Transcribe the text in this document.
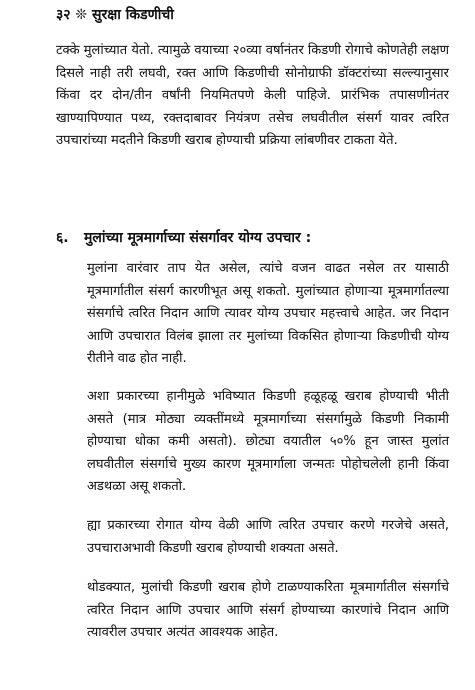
३२ ❊ सुरक्षा किडणीची

टक्के मुलांच्यात येतो. त्यामुळे वयाच्या २०व्या वर्षानंतर किडणी रोगाचे कोणतेही लक्षण दिसले नाही तरी लघवी, रक्त आणि किडणीची सोनोग्राफी डॉक्टरांच्या सल्ल्यानुसार किंवा दर दोन/तीन वर्षांनी नियमितपणे केली पाहिजे. प्रारंभिक तपासणीनंतर खाण्यापिण्यात पथ्य, रक्तदाबावर नियंत्रण तसेच लघवीतील संसर्ग यावर त्वरित उपचारांच्या मदतीने किडणी खराब होण्याची प्रक्रिया लांबणीवर टाकता येते.

६. मुलांच्या मूत्रमार्गाच्या संसर्गावर योग्य उपचार :

मुलांना वारंवार ताप येत असेल, त्यांचे वजन वाढत नसेल तर यासाठी मूत्रमार्गातील संसर्ग कारणीभूत असू शकतो. मुलांच्यात होणाऱ्या मूत्रमार्गातल्या संसर्गाचे त्वरित निदान आणि त्यावर योग्य उपचार महत्त्वाचे आहेत. जर निदान आणि उपचारात विलंब झाला तर मुलांच्या विकसित होणाऱ्या किडणीची योग्य रीतीने वाढ होत नाही.

अशा प्रकारच्या हानीमुळे भविष्यात किडणी हळूहळू खराब होण्याची भीती असते (मात्र मोठ्या व्यक्तींमध्ये मूत्रमार्गाच्या संसर्गामुळे किडणी निकामी होण्याचा धोका कमी असतो). छोट्या वयातील ५०% हून जास्त मुलांत लघवीतील संसर्गाचे मुख्य कारण मूत्रमार्गाला जन्मतः पोहोचलेली हानी किंवा अडथळा असू शकतो.

ह्या प्रकारच्या रोगात योग्य वेळी आणि त्वरित उपचार करणे गरजेचे असते, उपचाराअभावी किडणी खराब होण्याची शक्यता असते.

थोडक्यात, मुलांची किडणी खराब होणे टाळण्याकरिता मूत्रमार्गातील संसर्गाचे त्वरित निदान आणि उपचार आणि संसर्ग होण्याच्या कारणांचे निदान आणि त्यावरील उपचार अत्यंत आवश्यक आहेत.
